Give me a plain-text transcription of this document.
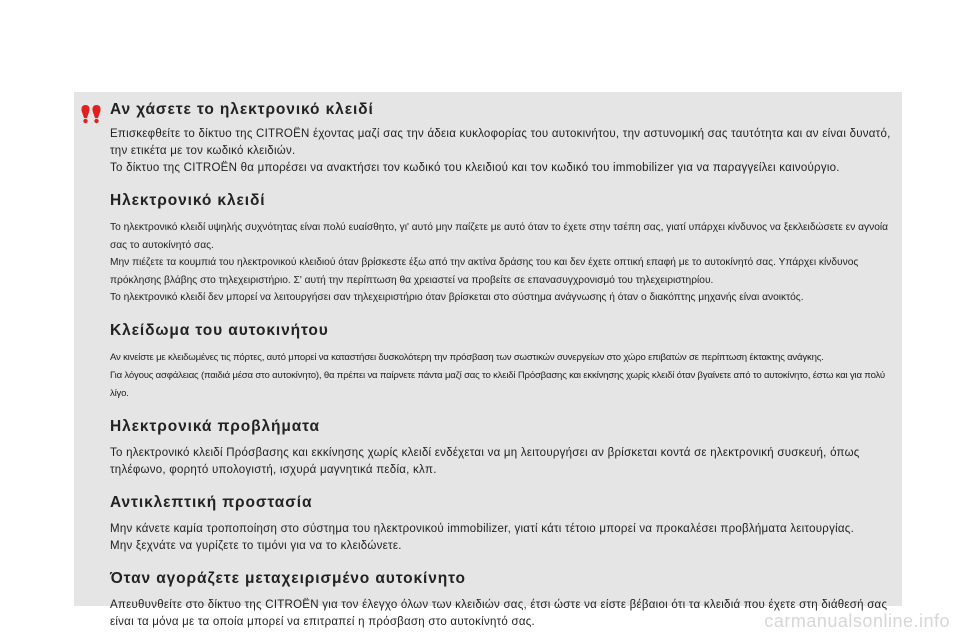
Αν χάσετε το ηλεκτρονικό κλειδί

Επισκεφθείτε το δίκτυο της CITROËN έχοντας μαζί σας την άδεια κυκλοφορίας του αυτοκινήτου, την αστυνομική σας ταυτότητα και αν είναι δυνατό, την ετικέτα με τον κωδικό κλειδιών.

Το δίκτυο της CITROËN θα μπορέσει να ανακτήσει τον κωδικό του κλειδιού και τον κωδικό του immobilizer για να παραγγείλει καινούργιο.

Ηλεκτρονικό κλειδί

Το ηλεκτρονικό κλειδί υψηλής συχνότητας είναι πολύ ευαίσθητο, γι' αυτό μην παίζετε με αυτό όταν το έχετε στην τσέπη σας, γιατί υπάρχει κίνδυνος να ξεκλειδώσετε εν αγνοία σας το αυτοκίνητό σας.

Μην πιέζετε τα κουμπιά του ηλεκτρονικού κλειδιού όταν βρίσκεστε έξω από την ακτίνα δράσης του και δεν έχετε οπτική επαφή με το αυτοκίνητό σας. Υπάρχει κίνδυνος πρόκλησης βλάβης στο τηλεχειριστήριο. Σ' αυτή την περίπτωση θα χρειαστεί να προβείτε σε επανασυγχρονισμό του τηλεχειριστηρίου.

Το ηλεκτρονικό κλειδί δεν μπορεί να λειτουργήσει σαν τηλεχειριστήριο όταν βρίσκεται στο σύστημα ανάγνωσης ή όταν ο διακόπτης μηχανής είναι ανοικτός.

Κλείδωμα του αυτοκινήτου

Αν κινείστε με κλειδωμένες τις πόρτες, αυτό μπορεί να καταστήσει δυσκολότερη την πρόσβαση των σωστικών συνεργείων στο χώρο επιβατών σε περίπτωση έκτακτης ανάγκης.

Για λόγους ασφάλειας (παιδιά μέσα στο αυτοκίνητο), θα πρέπει να παίρνετε πάντα μαζί σας το κλειδί Πρόσβασης και εκκίνησης χωρίς κλειδί όταν βγαίνετε από το αυτοκίνητο, έστω και για πολύ λίγο.

Ηλεκτρονικά προβλήματα

Το ηλεκτρονικό κλειδί Πρόσβασης και εκκίνησης χωρίς κλειδί ενδέχεται να μη λειτουργήσει αν βρίσκεται κοντά σε ηλεκτρονική συσκευή, όπως τηλέφωνο, φορητό υπολογιστή, ισχυρά μαγνητικά πεδία, κλπ.

Αντικλεπτική προστασία

Μην κάνετε καμία τροποποίηση στο σύστημα του ηλεκτρονικού immobilizer, γιατί κάτι τέτοιο μπορεί να προκαλέσει προβλήματα λειτουργίας.

Μην ξεχνάτε να γυρίζετε το τιμόνι για να το κλειδώνετε.

Όταν αγοράζετε μεταχειρισμένο αυτοκίνητο

Απευθυνθείτε στο δίκτυο της CITROËN για τον έλεγχο όλων των κλειδιών σας, έτσι ώστε να είστε βέβαιοι ότι τα κλειδιά που έχετε στη διάθεσή σας είναι τα μόνα με τα οποία μπορεί να επιτραπεί η πρόσβαση στο αυτοκίνητό σας.	carmanualsonline.info
